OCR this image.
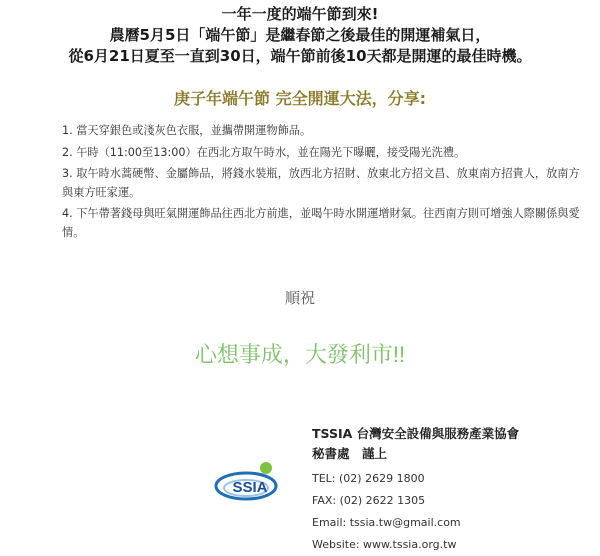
一年一度的端午節到來!
農曆5月5日「端午節」是繼春節之後最佳的開運補氣日，
從6月21日夏至一直到30日，端午節前後10天都是開運的最佳時機。
庚子年端午節 完全開運大法，分享:
1. 當天穿銀色或淺灰色衣服，並攜帶開運物飾品。
2. 午時（11:00至13:00）在西北方取午時水，並在陽光下曝曬，接受陽光洗禮。
3. 取午時水蒿硬幣、金屬飾品，將錢水裝瓶，放西北方招財、放東北方招文昌、放東南方招貴人，放南方與東方旺家運。
4. 下午帶著錢母與旺氣開運飾品往西北方前進，並喝午時水開運增財氣。往西南方則可增強人際關係與愛情。
順祝
心想事成，大發利市!!
SSIA
TSSIA 台灣安全設備與服務產業協會
秘書處　謹上
TEL: (02) 2629 1800
FAX: (02) 2622 1305
Email: tssia.tw@gmail.com
Website: www.tssia.org.tw
